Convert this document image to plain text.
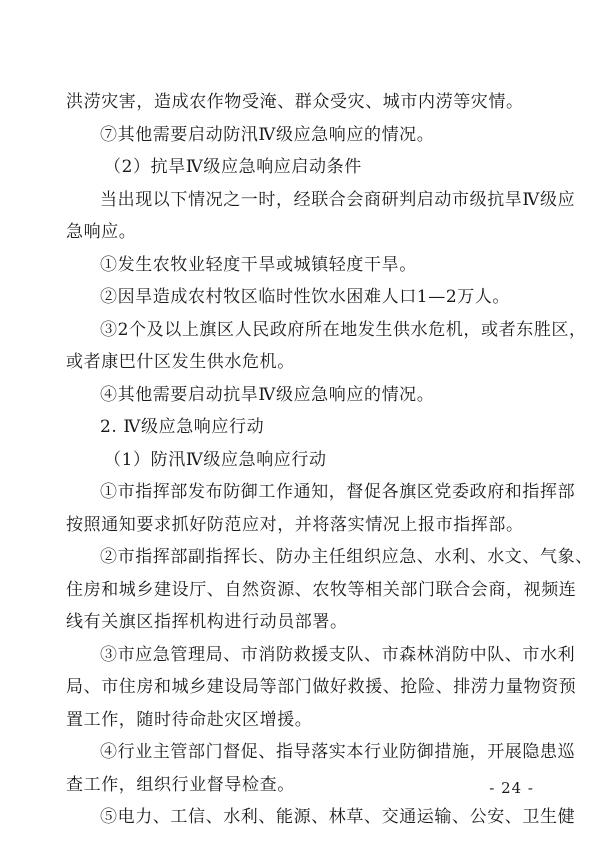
洪涝灾害，造成农作物受淹、群众受灾、城市内涝等灾情。
⑦其他需要启动防汛Ⅳ级应急响应的情况。
（2）抗旱Ⅳ级应急响应启动条件
当出现以下情况之一时，经联合会商研判启动市级抗旱Ⅳ级应
急响应。
①发生农牧业轻度干旱或城镇轻度干旱。
②因旱造成农村牧区临时性饮水困难人口1—2万人。
③2个及以上旗区人民政府所在地发生供水危机，或者东胜区，
或者康巴什区发生供水危机。
④其他需要启动抗旱Ⅳ级应急响应的情况。
2. Ⅳ级应急响应行动
（1）防汛Ⅳ级应急响应行动
①市指挥部发布防御工作通知，督促各旗区党委政府和指挥部
按照通知要求抓好防范应对，并将落实情况上报市指挥部。
②市指挥部副指挥长、防办主任组织应急、水利、水文、气象、
住房和城乡建设厅、自然资源、农牧等相关部门联合会商，视频连
线有关旗区指挥机构进行动员部署。
③市应急管理局、市消防救援支队、市森林消防中队、市水利
局、市住房和城乡建设局等部门做好救援、抢险、排涝力量物资预
置工作，随时待命赴灾区增援。
④行业主管部门督促、指导落实本行业防御措施，开展隐患巡
查工作，组织行业督导检查。
⑤电力、工信、水利、能源、林草、交通运输、公安、卫生健
- 24 -
